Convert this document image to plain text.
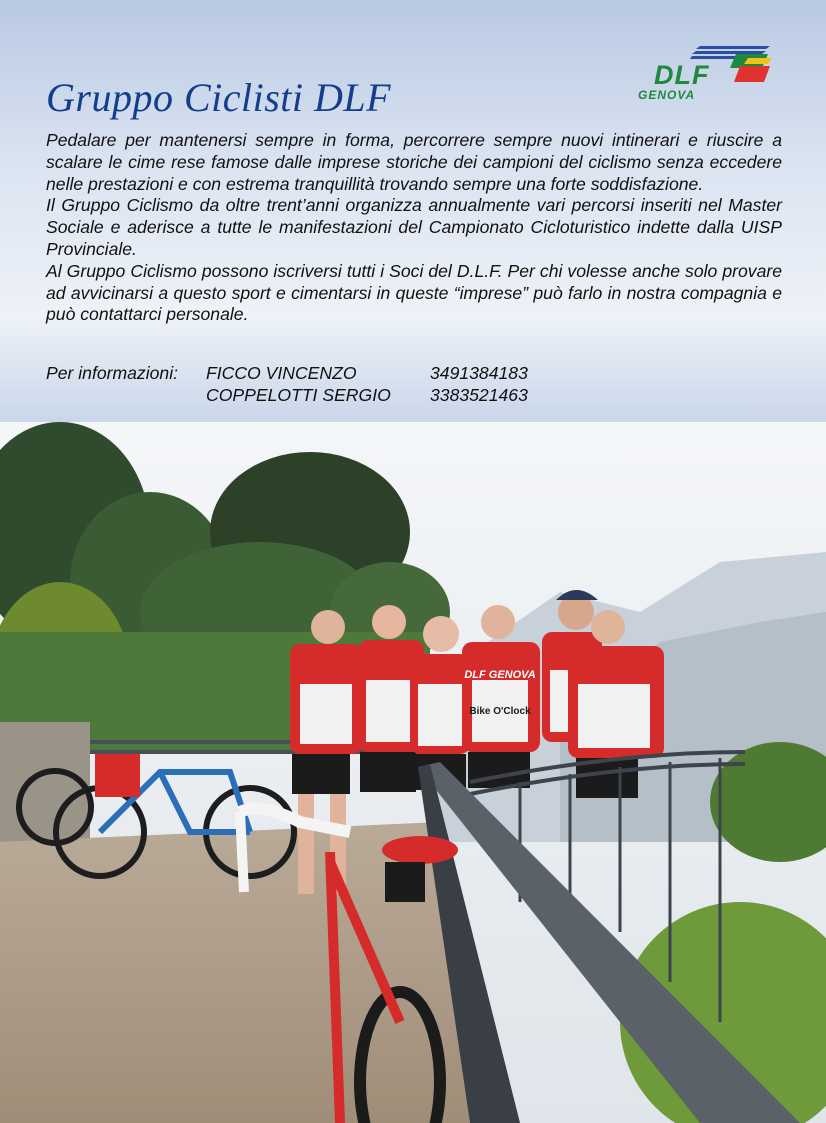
DLF
GENOVA
Gruppo Ciclisti DLF

Pedalare per mantenersi sempre in forma, percorrere sempre nuovi intinerari e riuscire a scalare le cime rese famose dalle imprese storiche dei campioni del ciclismo senza eccedere nelle prestazioni e con estrema tranquillità trovando sempre una forte soddisfazione.

Il Gruppo Ciclismo da oltre trent’anni organizza annualmente vari percorsi inseriti nel Master Sociale e aderisce a tutte le manifestazioni del Campionato Cicloturistico indette dalla UISP Provinciale.

Al Gruppo Ciclismo possono iscriversi tutti i Soci del D.L.F. Per chi volesse anche solo provare ad avvicinarsi a questo sport e cimentarsi in queste “imprese” può farlo in nostra compagnia e può contattarci personale.

Per informazioni:	FICCO VINCENZO	3491384183
COPPELOTTI SERGIO	3383521463
DLF GENOVA
Bike O'Clock
